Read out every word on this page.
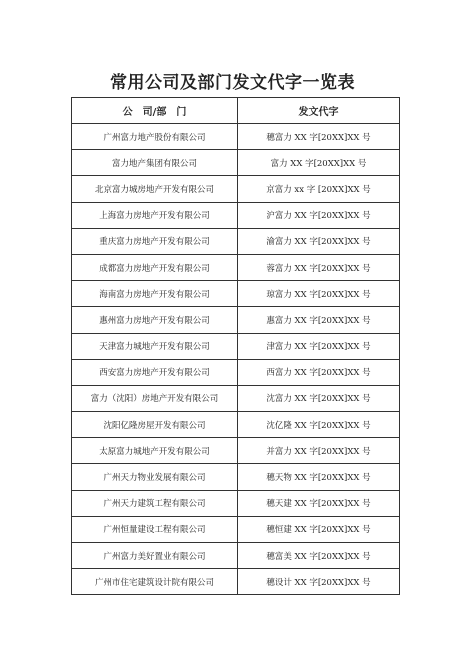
常用公司及部门发文代字一览表
公　司/部　门	发文代字
广州富力地产股份有限公司	穗富力 XX 字[20XX]XX 号
富力地产集团有限公司	富力 XX 字[20XX]XX 号
北京富力城房地产开发有限公司	京富力 xx 字 [20XX]XX 号
上海富力房地产开发有限公司	沪富力 XX 字[20XX]XX 号
重庆富力房地产开发有限公司	渝富力 XX 字[20XX]XX 号
成都富力房地产开发有限公司	蓉富力 XX 字[20XX]XX 号
海南富力房地产开发有限公司	琼富力 XX 字[20XX]XX 号
惠州富力房地产开发有限公司	惠富力 XX 字[20XX]XX 号
天津富力城地产开发有限公司	津富力 XX 字[20XX]XX 号
西安富力房地产开发有限公司	西富力 XX 字[20XX]XX 号
富力（沈阳）房地产开发有限公司	沈富力 XX 字[20XX]XX 号
沈阳亿隆房屋开发有限公司	沈亿隆 XX 字[20XX]XX 号
太原富力城地产开发有限公司	并富力 XX 字[20XX]XX 号
广州天力物业发展有限公司	穗天物 XX 字[20XX]XX 号
广州天力建筑工程有限公司	穗天建 XX 字[20XX]XX 号
广州恒量建设工程有限公司	穗恒建 XX 字[20XX]XX 号
广州富力美好置业有限公司	穗富美 XX 字[20XX]XX 号
广州市住宅建筑设计院有限公司	穗设计 XX 字[20XX]XX 号
